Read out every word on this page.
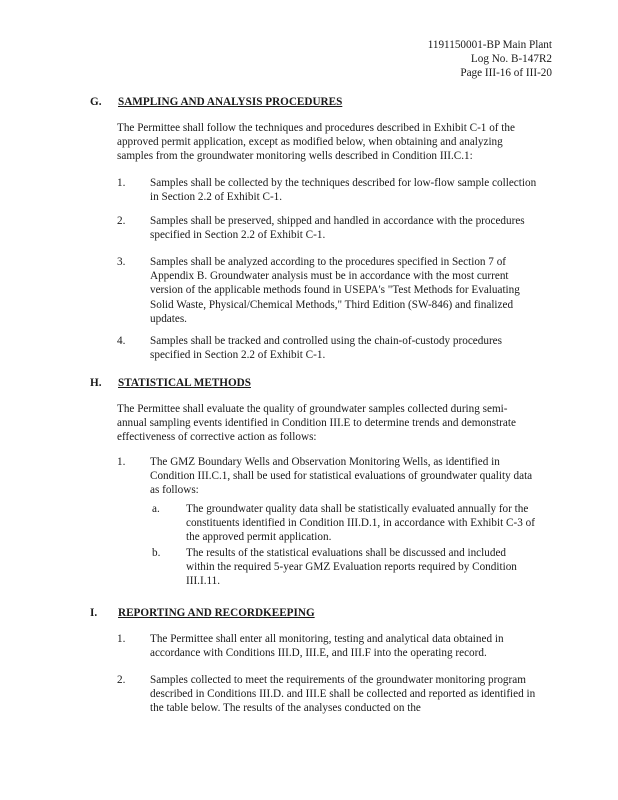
1191150001-BP Main Plant
Log No. B-147R2
Page III-16 of III-20
G.	SAMPLING AND ANALYSIS PROCEDURES
The Permittee shall follow the techniques and procedures described in Exhibit C-1 of the approved permit application, except as modified below, when obtaining and analyzing samples from the groundwater monitoring wells described in Condition III.C.1:
1.	Samples shall be collected by the techniques described for low-flow sample collection in Section 2.2 of Exhibit C-1.
2.	Samples shall be preserved, shipped and handled in accordance with the procedures specified in Section 2.2 of Exhibit C-1.
3.	Samples shall be analyzed according to the procedures specified in Section 7 of Appendix B. Groundwater analysis must be in accordance with the most current version of the applicable methods found in USEPA's "Test Methods for Evaluating Solid Waste, Physical/Chemical Methods," Third Edition (SW-846) and finalized updates.
4.	Samples shall be tracked and controlled using the chain-of-custody procedures specified in Section 2.2 of Exhibit C-1.
H.	STATISTICAL METHODS
The Permittee shall evaluate the quality of groundwater samples collected during semi-annual sampling events identified in Condition III.E to determine trends and demonstrate effectiveness of corrective action as follows:
1.	The GMZ Boundary Wells and Observation Monitoring Wells, as identified in Condition III.C.1, shall be used for statistical evaluations of groundwater quality data as follows:
a.	The groundwater quality data shall be statistically evaluated annually for the constituents identified in Condition III.D.1, in accordance with Exhibit C-3 of the approved permit application.
b.	The results of the statistical evaluations shall be discussed and included within the required 5-year GMZ Evaluation reports required by Condition III.I.11.
I.	REPORTING AND RECORDKEEPING
1.	The Permittee shall enter all monitoring, testing and analytical data obtained in accordance with Conditions III.D, III.E, and III.F into the operating record.
2.	Samples collected to meet the requirements of the groundwater monitoring program described in Conditions III.D. and III.E shall be collected and reported as identified in the table below. The results of the analyses conducted on the
